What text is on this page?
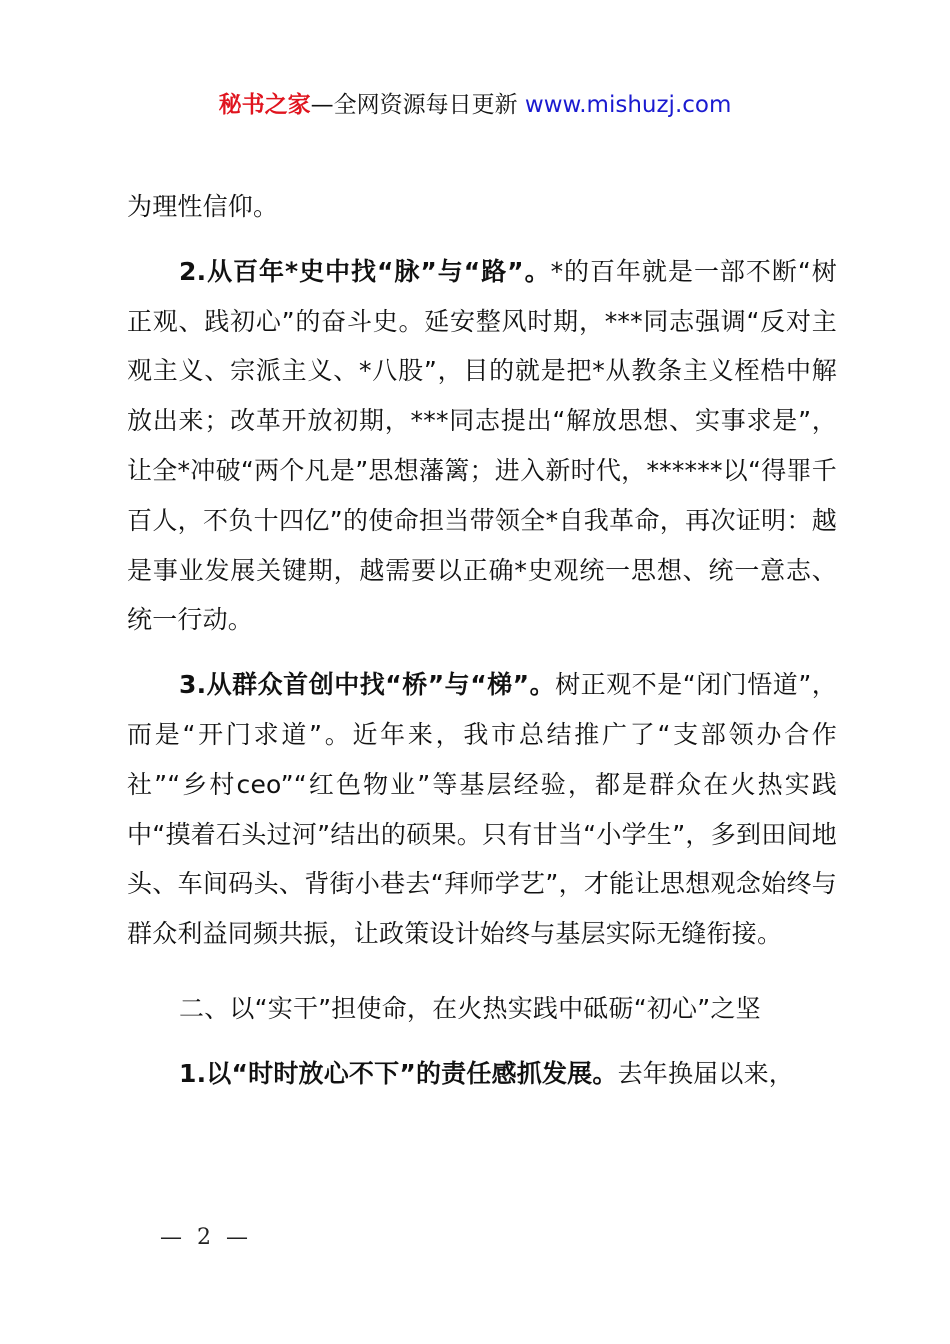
秘书之家—全网资源每日更新 www.mishuzj.com

为理性信仰。

2.从百年*史中找“脉”与“路”。*的百年就是一部不断“树正观、践初心”的奋斗史。延安整风时期，***同志强调“反对主观主义、宗派主义、*八股”，目的就是把*从教条主义桎梏中解放出来；改革开放初期，***同志提出“解放思想、实事求是”，让全*冲破“两个凡是”思想藩篱；进入新时代，******以“得罪千百人，不负十四亿”的使命担当带领全*自我革命，再次证明：越是事业发展关键期，越需要以正确*史观统一思想、统一意志、统一行动。

3.从群众首创中找“桥”与“梯”。树正观不是“闭门悟道”，而是“开门求道”。近年来，我市总结推广了“支部领办合作社”“乡村ceo”“红色物业”等基层经验，都是群众在火热实践中“摸着石头过河”结出的硕果。只有甘当“小学生”，多到田间地头、车间码头、背街小巷去“拜师学艺”，才能让思想观念始终与群众利益同频共振，让政策设计始终与基层实际无缝衔接。

二、以“实干”担使命，在火热实践中砥砺“初心”之坚

1.以“时时放心不下”的责任感抓发展。去年换届以来，

— 2 —
